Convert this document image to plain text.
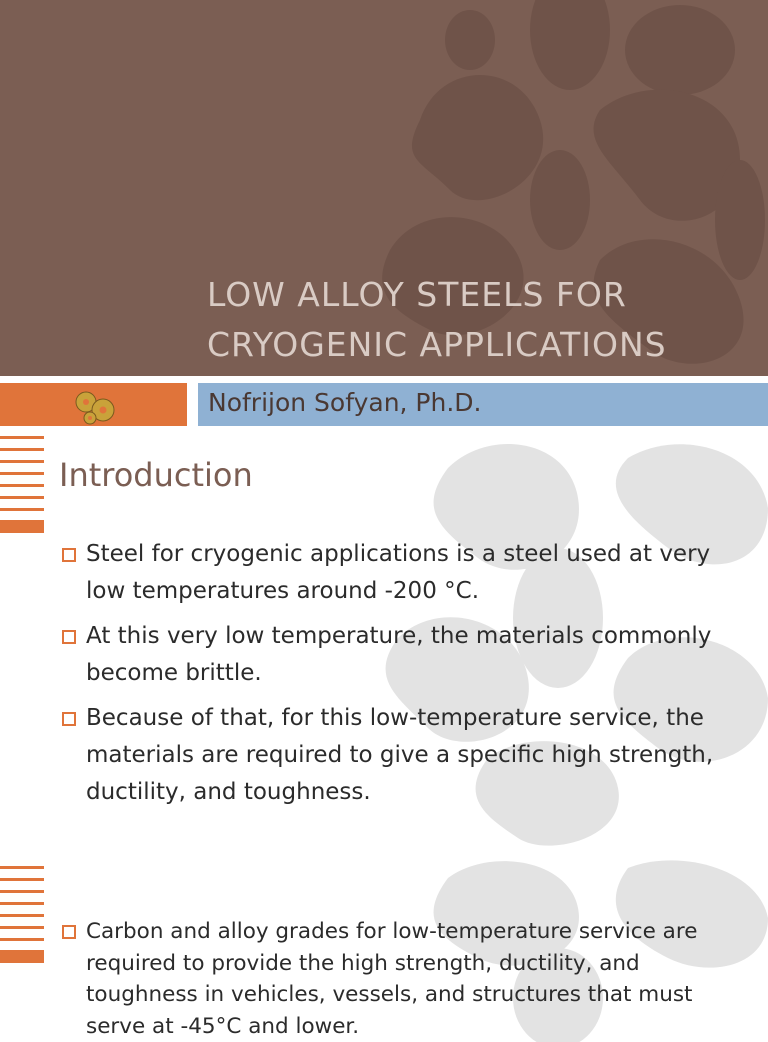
LOW ALLOY STEELS FOR CRYOGENIC APPLICATIONS
Nofrijon Sofyan, Ph.D.
Introduction
Steel for cryogenic applications is a steel used at very low temperatures around -200 °C.
At this very low temperature, the materials commonly become brittle.
Because of that, for this low-temperature service, the materials are required to give a specific high strength, ductility, and toughness.
Carbon and alloy grades for low-temperature service are required to provide the high strength, ductility, and toughness in vehicles, vessels, and structures that must serve at -45°C and lower.
